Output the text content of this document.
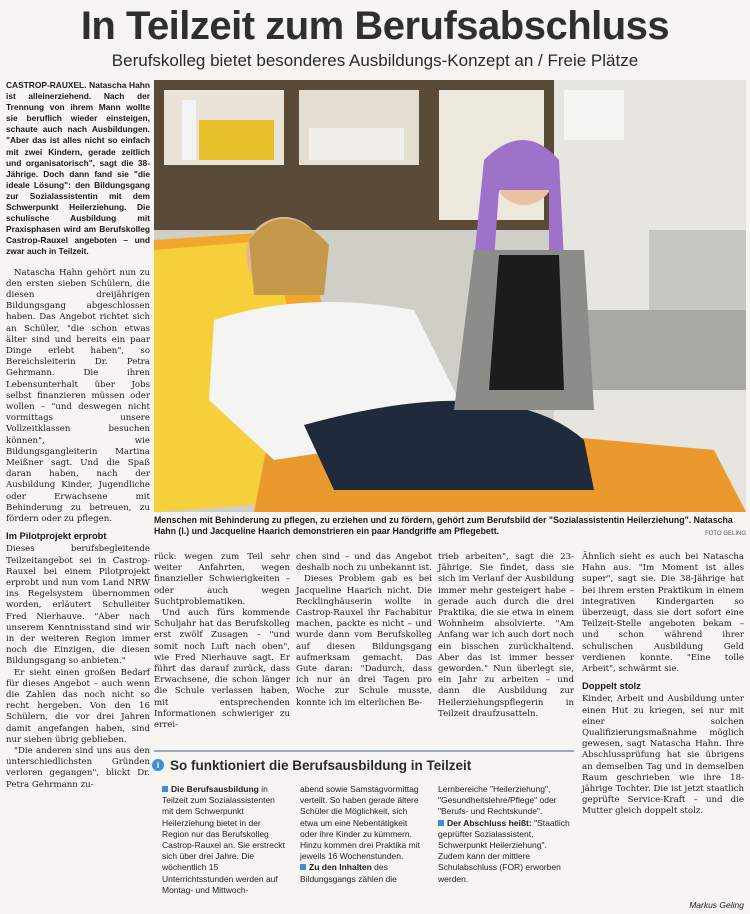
In Teilzeit zum Berufsabschluss
Berufskolleg bietet besonderes Ausbildungs-Konzept an / Freie Plätze

CASTROP-RAUXEL. Natascha Hahn ist alleinerziehend. Nach der Trennung von ihrem Mann wollte sie beruflich wieder einsteigen, schaute auch nach Ausbildungen. "Aber das ist alles nicht so einfach mit zwei Kindern, gerade zeitlich und organisatorisch", sagt die 38-Jährige. Doch dann fand sie "die ideale Lösung": den Bildungsgang zur Sozialassistentin mit dem Schwerpunkt Heilerziehung. Die schulische Ausbildung mit Praxisphasen wird am Berufskolleg Castrop-Rauxel angeboten – und zwar auch in Teilzeit.

Natascha Hahn gehört nun zu den ersten sieben Schülern, die diesen dreijährigen Bildungsgang abgeschlossen haben. Das Angebot richtet sich an Schüler, "die schon etwas älter sind und bereits ein paar Dinge erlebt haben", so Bereichsleiterin Dr. Petra Gehrmann. Die ihren Lebensunterhalt über Jobs selbst finanzieren müssen oder wollen – "und deswegen nicht vormittags unsere Vollzeitklassen besuchen können", wie Bildungsgangleiterin Martina Meißner sagt. Und die Spaß daran haben, nach der Ausbildung Kinder, Jugendliche oder Erwachsene mit Behinderung zu betreuen, zu fördern oder zu pflegen.

Im Pilotprojekt erprobt

Dieses berufsbegleitende Teilzeitangebot sei in Castrop-Rauxel bei einem Pilotprojekt erprobt und nun vom Land NRW ins Regelsystem übernommen worden, erläutert Schulleiter Fred Nierhauve. "Aber nach unserem Kenntnisstand sind wir in der weiteren Region immer noch die Einzigen, die diesen Bildungsgang so anbieten."

Er sieht einen großen Bedarf für dieses Angebot – auch wenn die Zahlen das noch nicht so recht hergeben. Von den 16 Schülern, die vor drei Jahren damit angefangen haben, sind nur sieben übrig geblieben.

"Die anderen sind uns aus den unterschiedlichsten Gründen verloren gegangen", blickt Dr. Petra Gehrmann zu-

Menschen mit Behinderung zu pflegen, zu erziehen und zu fördern, gehört zum Berufsbild der "Sozialassistentin Heilerziehung". Natascha Hahn (l.) und Jacqueline Haarich demonstrieren ein paar Handgriffe am Pflegebett.	FOTO GELING

rück: wegen zum Teil sehr weiter Anfahrten, wegen finanzieller Schwierigkeiten – oder auch wegen Suchtproblematiken.

Und auch fürs kommende Schuljahr hat das Berufskolleg erst zwölf Zusagen – "und somit noch Luft nach oben", wie Fred Nierhauve sagt. Er führt das darauf zurück, dass Erwachsene, die schon länger die Schule verlassen haben, mit entsprechenden Informationen schwieriger zu errei-

chen sind – und das Angebot deshalb noch zu unbekannt ist.

Dieses Problem gab es bei Jacqueline Haarich nicht. Die Recklinghäuserin wollte in Castrop-Rauxel ihr Fachabitur machen, packte es nicht – und wurde dann vom Berufskolleg auf diesen Bildungsgang aufmerksam gemacht. Das Gute daran: "Dadurch, dass ich nur an drei Tagen pro Woche zur Schule musste, konnte ich im elterlichen Be-

trieb arbeiten", sagt die 23-Jährige. Sie findet, dass sie sich im Verlauf der Ausbildung immer mehr gesteigert habe – gerade auch durch die drei Praktika, die sie etwa in einem Wohnheim absolvierte. "Am Anfang war ich auch dort noch ein bisschen zurückhaltend. Aber das ist immer besser geworden." Nun überlegt sie, ein Jahr zu arbeiten – und dann die Ausbildung zur Heilerziehungspflegerin in Teilzeit draufzusatteln.

Ähnlich sieht es auch bei Natascha Hahn aus. "Im Moment ist alles super", sagt sie. Die 38-Jährige hat bei ihrem ersten Praktikum in einem integrativen Kindergarten so überzeugt, dass sie dort sofort eine Teilzeit-Stelle angeboten bekam – und schon während ihrer schulischen Ausbildung Geld verdienen konnte. "Eine tolle Arbeit", schwärmt sie.

Doppelt stolz

Kinder, Arbeit und Ausbildung unter einen Hut zu kriegen, sei nur mit einer solchen Qualifizierungsmaßnahme möglich gewesen, sagt Natascha Hahn. Ihre Abschlussprüfung hat sie übrigens an demselben Tag und in demselben Raum geschrieben wie ihre 18-jährige Tochter. Die ist jetzt staatlich geprüfte Service-Kraft – und die Mutter gleich doppelt stolz.

i So funktioniert die Berufsausbildung in Teilzeit
Die Berufsausbildung in Teilzeit zum Sozialassistenten mit dem Schwerpunkt Heilerziehung bietet in der Region nur das Berufskolleg Castrop-Rauxel an. Sie erstreckt sich über drei Jahre. Die wöchentlich 15 Unterrichtsstunden werden auf Montag- und Mittwoch-
abend sowie Samstagvormittag verteilt. So haben gerade ältere Schüler die Möglichkeit, sich etwa um eine Nebentätigkeit oder ihre Kinder zu kümmern. Hinzu kommen drei Praktika mit jeweils 16 Wochenstunden.
Zu den Inhalten des Bildungsgangs zählen die
Lernbereiche "Heilerziehung", "Gesundheitslehre/Pflege" oder "Berufs- und Rechtskunde".
Der Abschluss heißt: "Staatlich geprüfter Sozialassistent, Schwerpunkt Heilerziehung". Zudem kann der mittlere Schulabschluss (FOR) erworben werden.
Markus Geling
